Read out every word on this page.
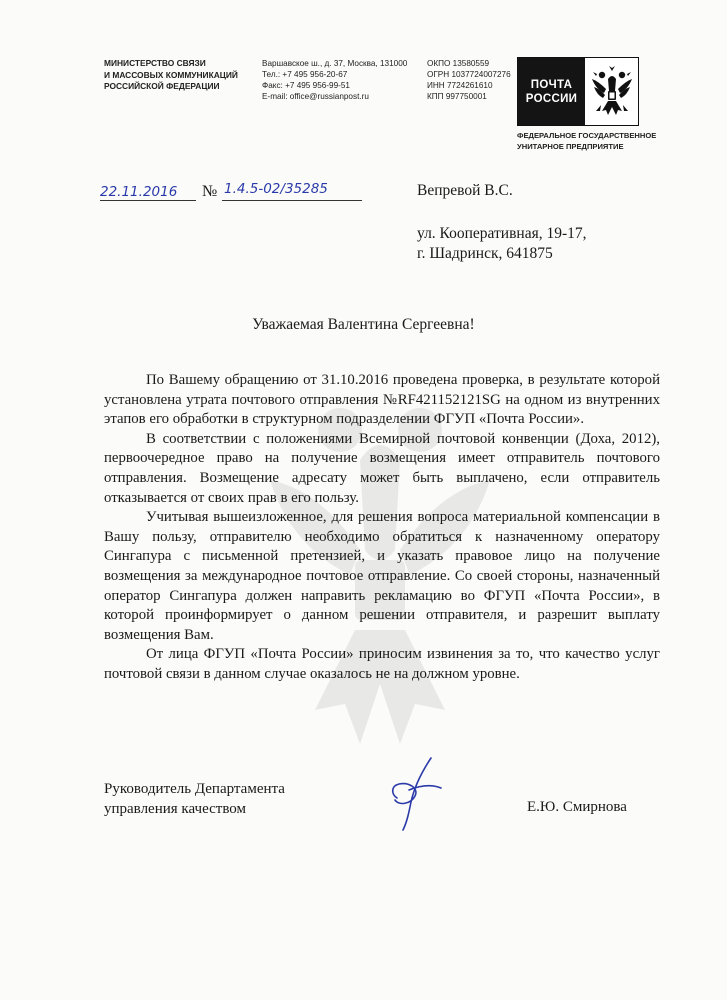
МИНИСТЕРСТВО СВЯЗИ
И МАССОВЫХ КОММУНИКАЦИЙ
РОССИЙСКОЙ ФЕДЕРАЦИИ
Варшавское ш., д. 37, Москва, 131000
Тел.: +7 495 956-20-67
Факс: +7 495 956-99-51
E-mail: office@russianpost.ru
ОКПО 13580559
ОГРН 1037724007276
ИНН 7724261610
КПП 997750001
ПОЧТА
РОССИИ
ФЕДЕРАЛЬНОЕ ГОСУДАРСТВЕННОЕ
УНИТАРНОЕ ПРЕДПРИЯТИЕ
22.11.2016 № 1.4.5-02/35285	Вепревой В.С.
ул. Кооперативная, 19-17,
г. Шадринск, 641875
Уважаемая Валентина Сергеевна!

По Вашему обращению от 31.10.2016 проведена проверка, в результате которой установлена утрата почтового отправления №RF421152121SG на одном из внутренних этапов его обработки в структурном подразделении ФГУП «Почта России».

В соответствии с положениями Всемирной почтовой конвенции (Доха, 2012), первоочередное право на получение возмещения имеет отправитель почтового отправления. Возмещение адресату может быть выплачено, если отправитель отказывается от своих прав в его пользу.

Учитывая вышеизложенное, для решения вопроса материальной компенсации в Вашу пользу, отправителю необходимо обратиться к назначенному оператору Сингапура с письменной претензией, и указать правовое лицо на получение возмещения за международное почтовое отправление. Со своей стороны, назначенный оператор Сингапура должен направить рекламацию во ФГУП «Почта России», в которой проинформирует о данном решении отправителя, и разрешит выплату возмещения Вам.

От лица ФГУП «Почта России» приносим извинения за то, что качество услуг почтовой связи в данном случае оказалось не на должном уровне.

Руководитель Департамента
управления качеством	Е.Ю. Смирнова
